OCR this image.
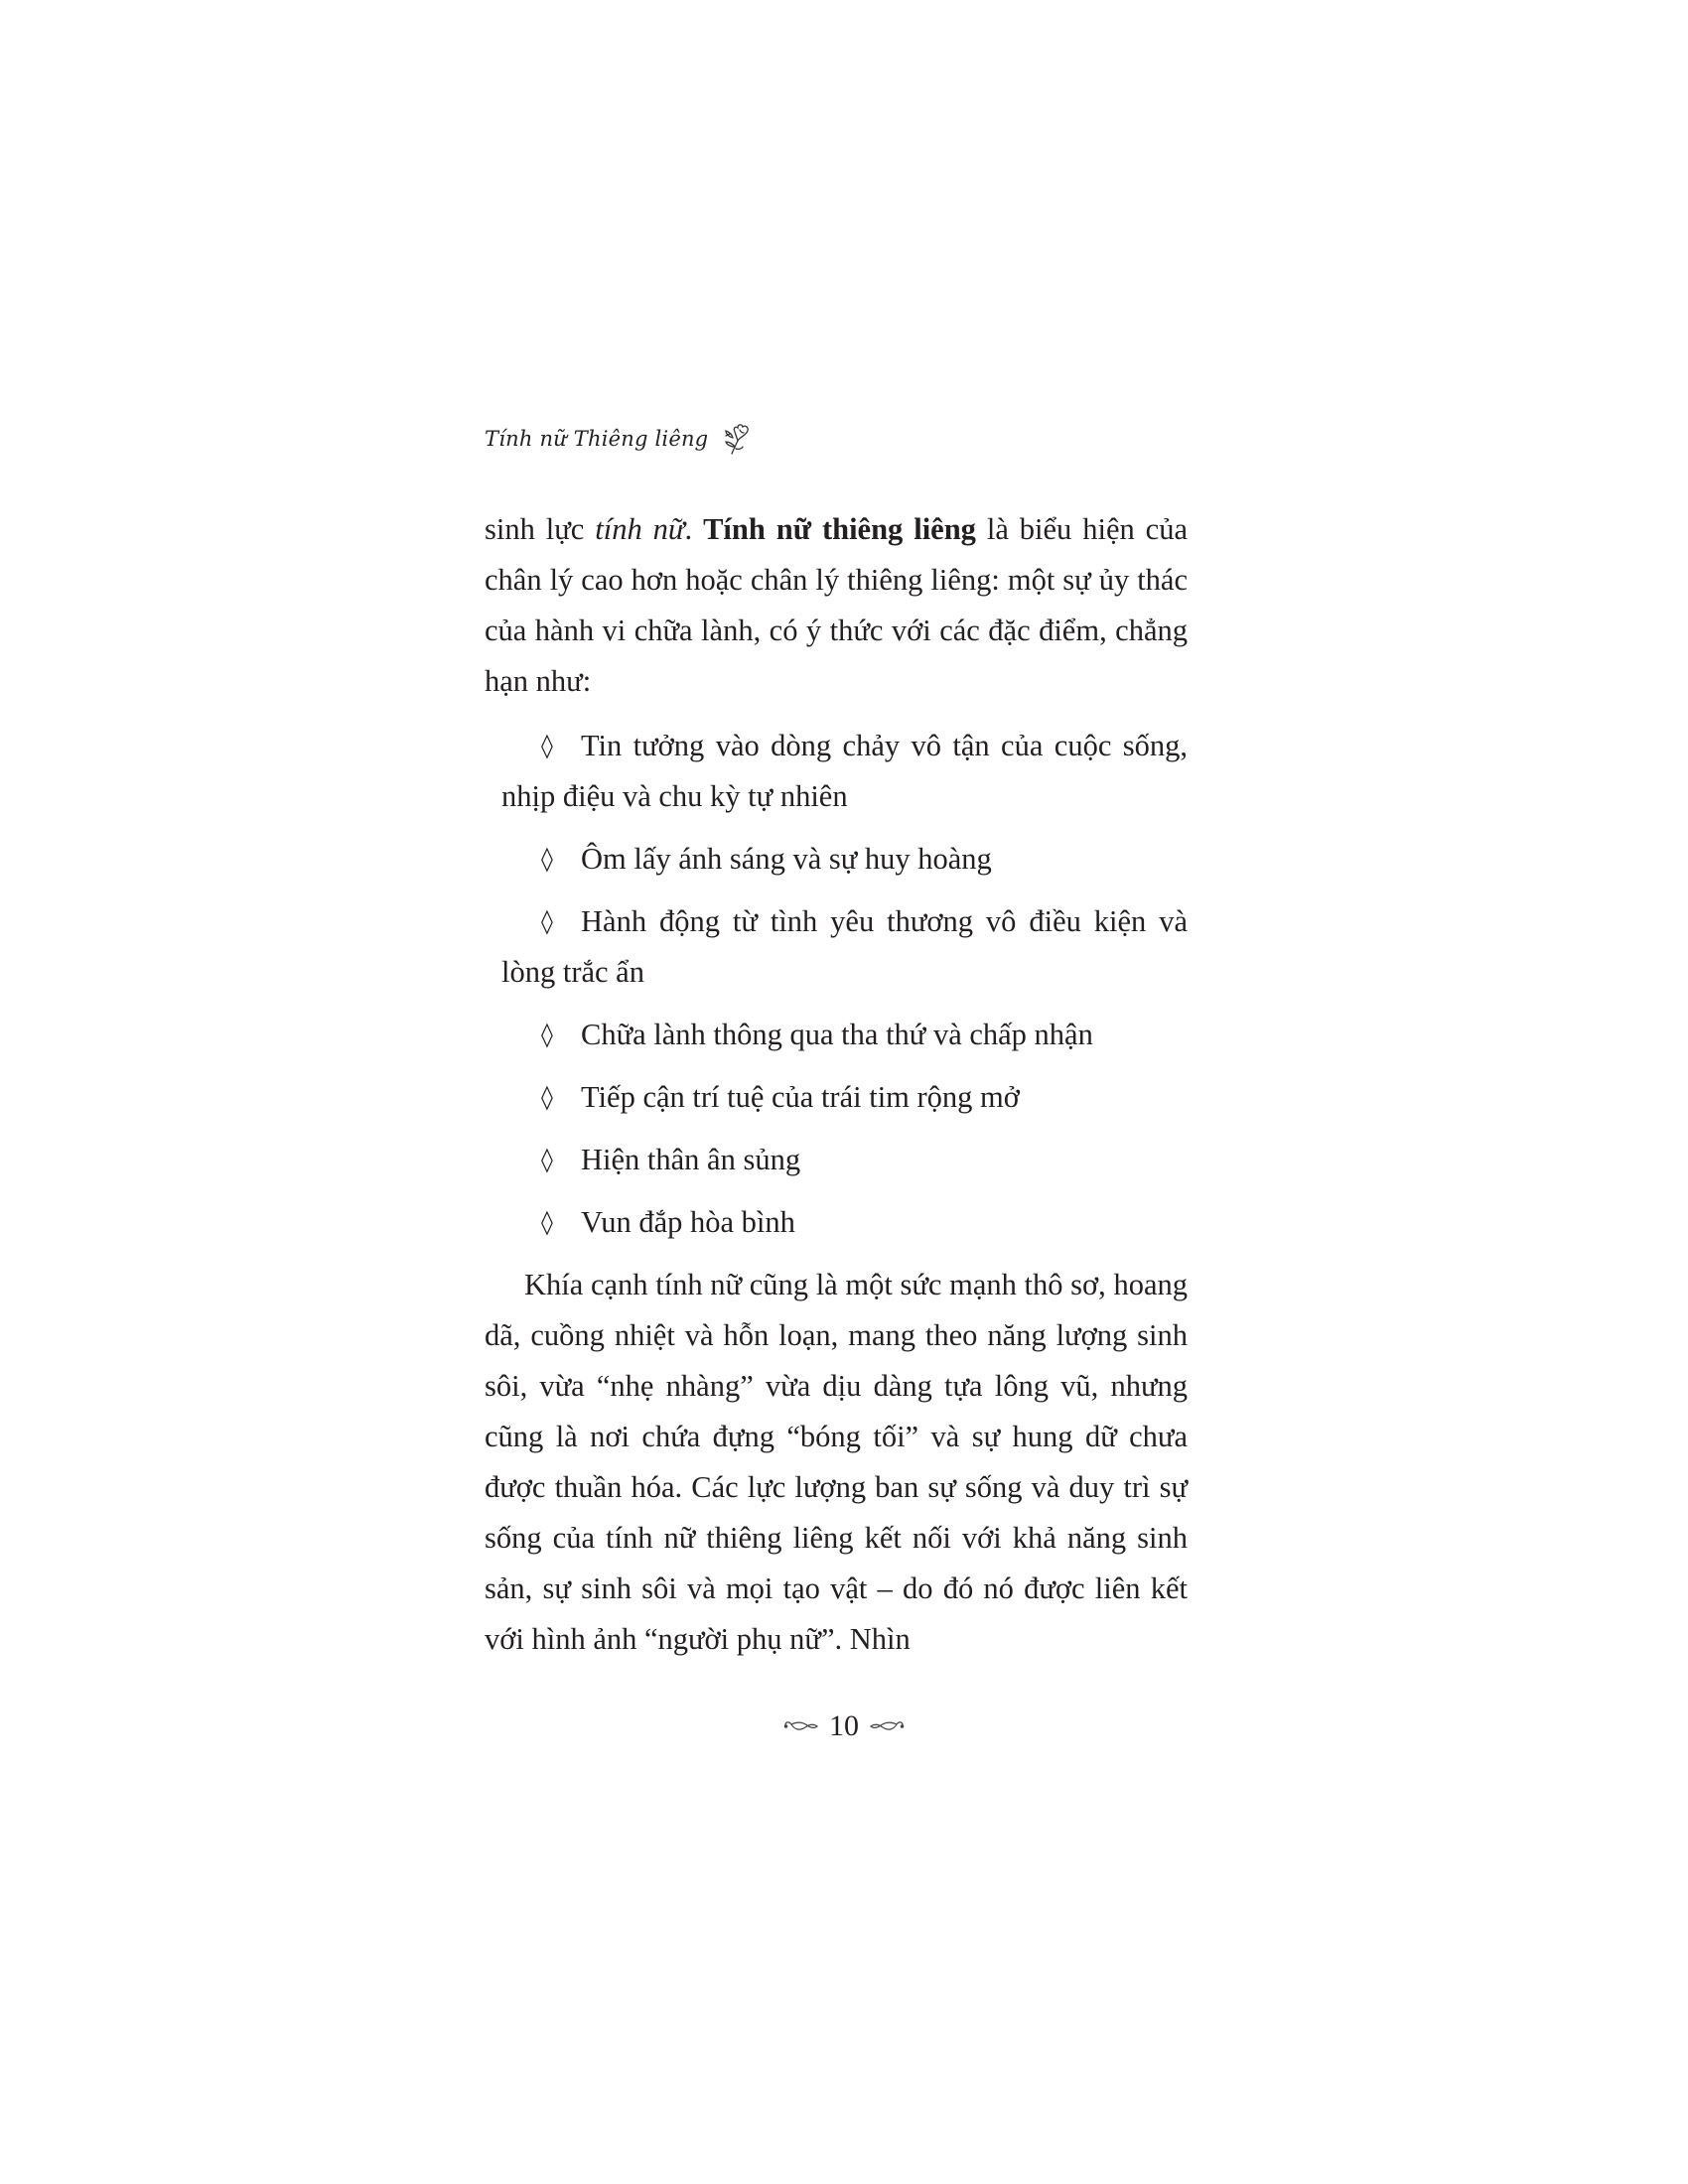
Tính nữ Thiêng liêng

sinh lực tính nữ. Tính nữ thiêng liêng là biểu hiện của chân lý cao hơn hoặc chân lý thiêng liêng: một sự ủy thác của hành vi chữa lành, có ý thức với các đặc điểm, chẳng hạn như:

◊ Tin tưởng vào dòng chảy vô tận của cuộc sống, nhịp điệu và chu kỳ tự nhiên
◊ Ôm lấy ánh sáng và sự huy hoàng
◊ Hành động từ tình yêu thương vô điều kiện và lòng trắc ẩn
◊ Chữa lành thông qua tha thứ và chấp nhận
◊ Tiếp cận trí tuệ của trái tim rộng mở
◊ Hiện thân ân sủng
◊ Vun đắp hòa bình

Khía cạnh tính nữ cũng là một sức mạnh thô sơ, hoang dã, cuồng nhiệt và hỗn loạn, mang theo năng lượng sinh sôi, vừa “nhẹ nhàng” vừa dịu dàng tựa lông vũ, nhưng cũng là nơi chứa đựng “bóng tối” và sự hung dữ chưa được thuần hóa. Các lực lượng ban sự sống và duy trì sự sống của tính nữ thiêng liêng kết nối với khả năng sinh sản, sự sinh sôi và mọi tạo vật – do đó nó được liên kết với hình ảnh “người phụ nữ”. Nhìn

10
